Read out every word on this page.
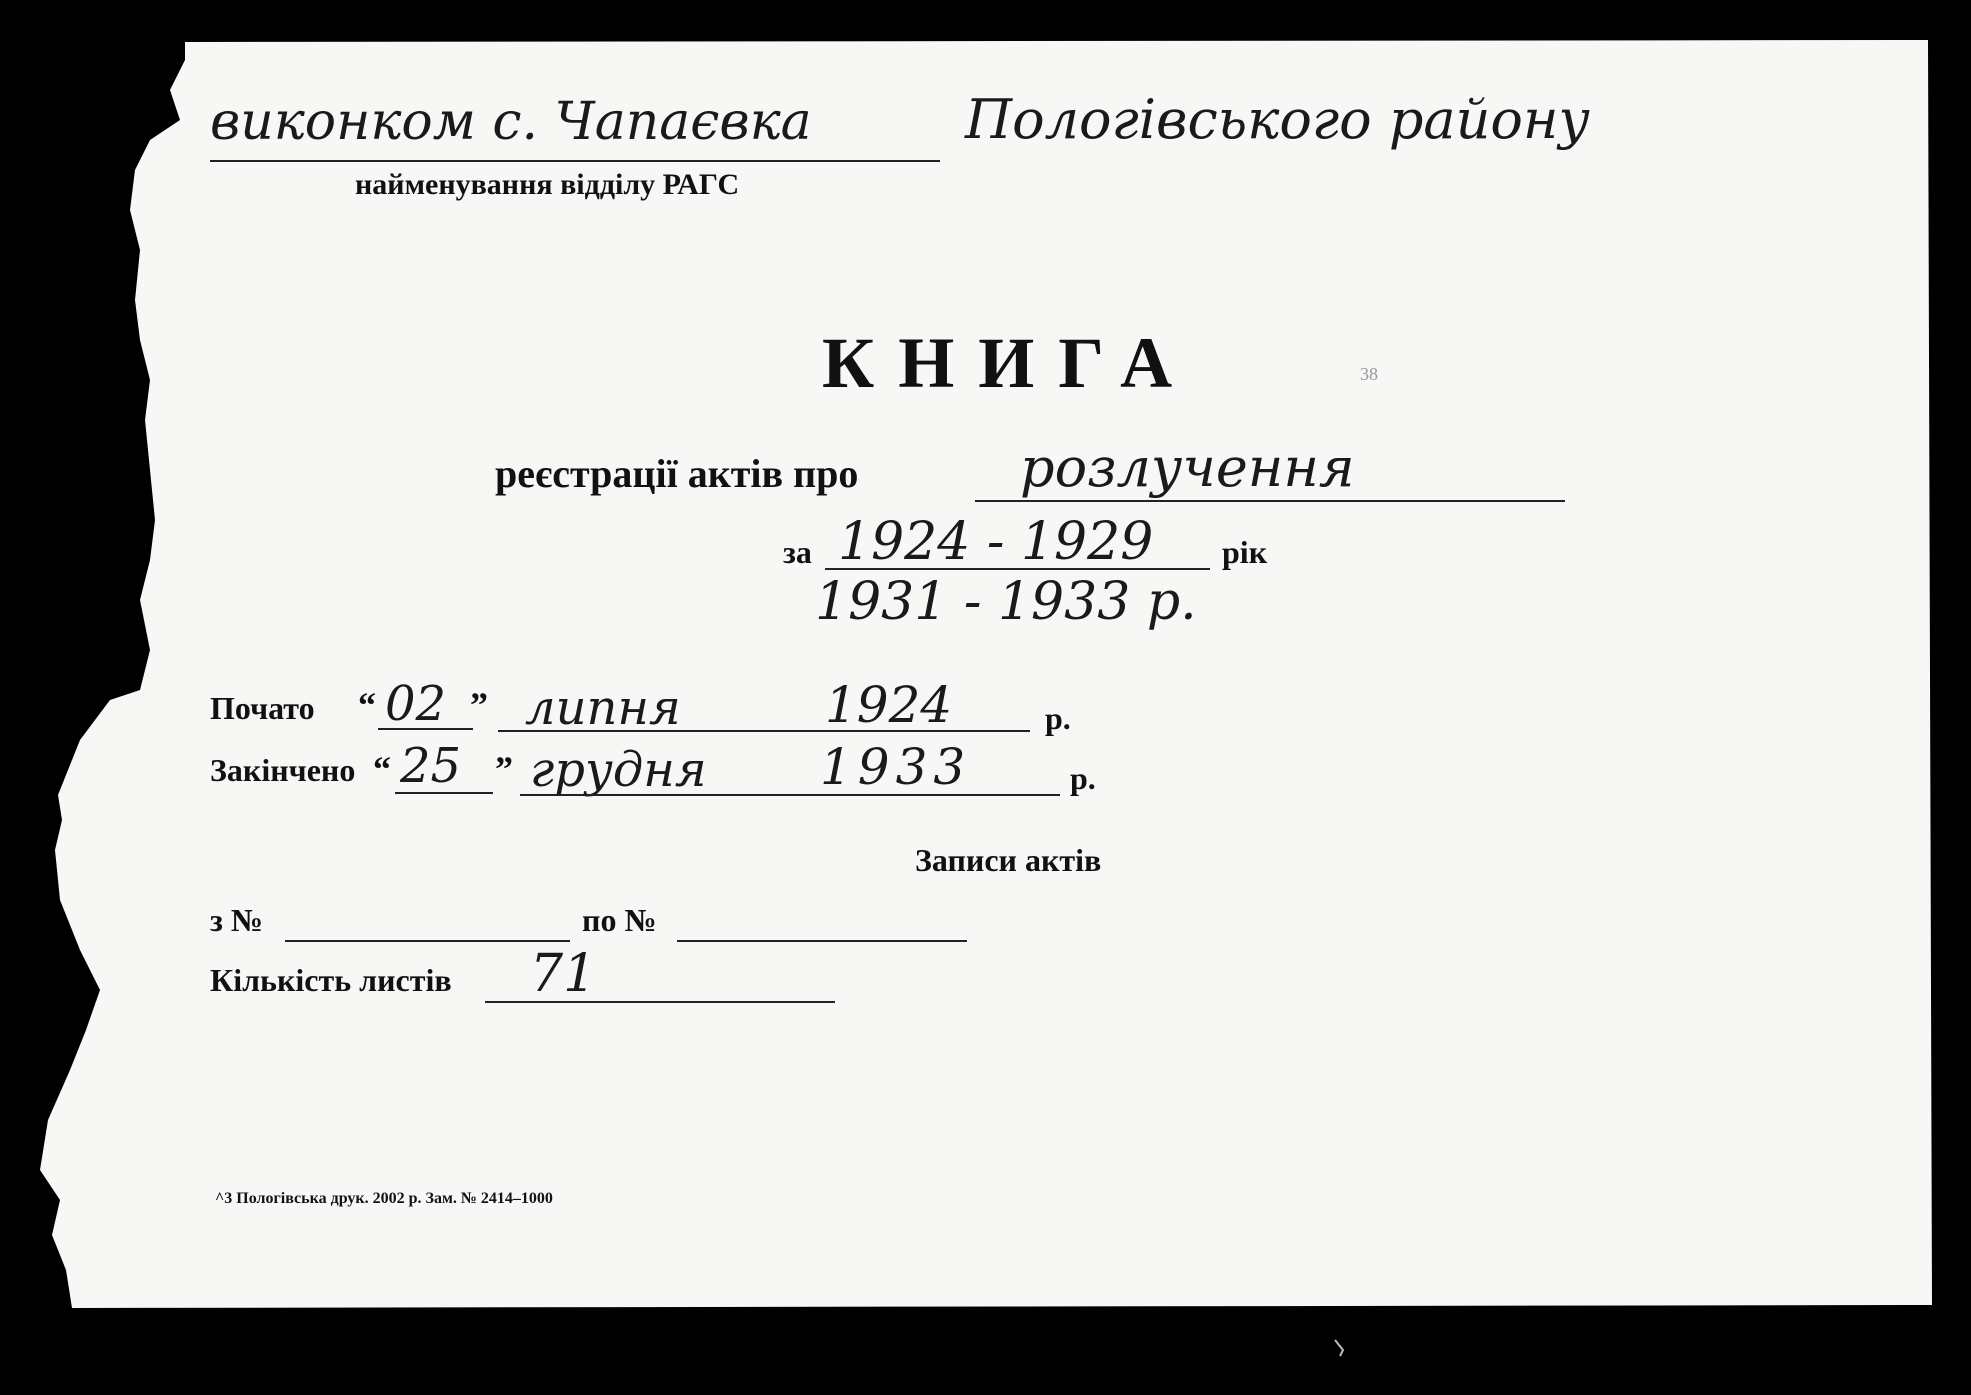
38
виконком с. Чапаєвка	Пологівського району
найменування відділу РАГС
КНИГА
реєстрації актів про	розлучення
за 1924 - 1929 рік
1931 - 1933 р.
Почато “ 02 ” липня	1924	р.
Закінчено “ 25 ” грудня 1933	р.
Записи актів
з №	по №
Кількість листів 71
^3 Пологівська друк. 2002 р. Зам. № 2414–1000
